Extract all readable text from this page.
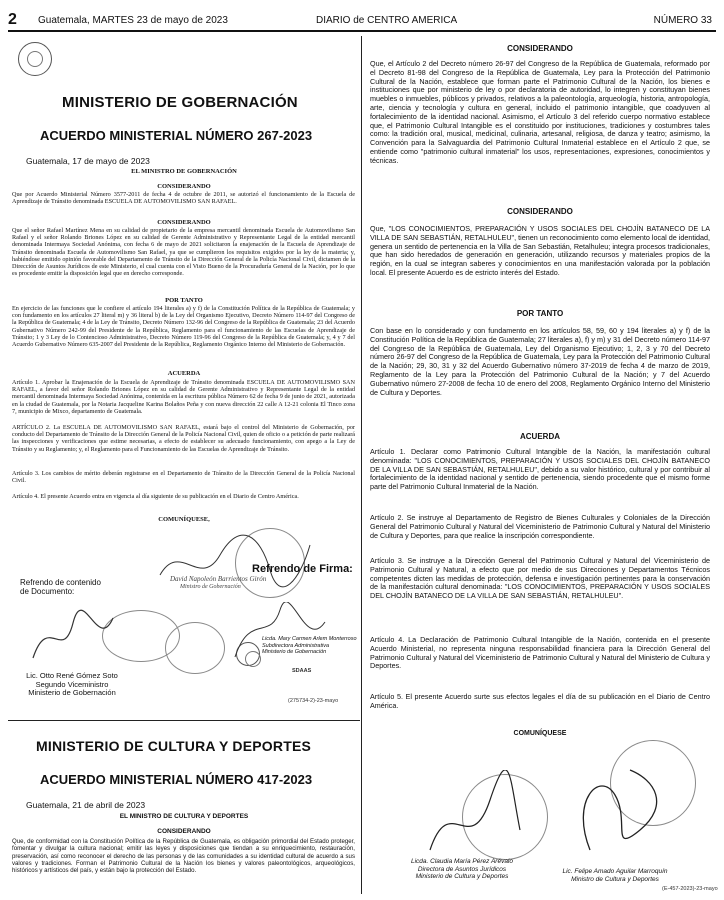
2 Guatemala, MARTES 23 de mayo de 2023	DIARIO de CENTRO AMERICA	NÚMERO 33
MINISTERIO DE GOBERNACIÓN
ACUERDO MINISTERIAL NÚMERO 267-2023
Guatemala, 17 de mayo de 2023
EL MINISTRO DE GOBERNACIÓN
CONSIDERANDO
Que por Acuerdo Ministerial Número 3577-2011 de fecha 4 de octubre de 2011, se autorizó el funcionamiento de la Escuela de Aprendizaje de Tránsito denominada ESCUELA DE AUTOMOVILISMO SAN RAFAEL.
CONSIDERANDO
Que el señor Rafael Martínez Mena en su calidad de propietario de la empresa mercantil denominada Escuela de Automovilismo San Rafael y el señor Rolando Briones López en su calidad de Gerente Administrativo y Representante Legal de la entidad mercantil denominada Intermaya Sociedad Anónima, con fecha 6 de mayo de 2021 solicitaron la enajenación de la Escuela de Aprendizaje de Tránsito denominada Escuela de Automovilismo San Rafael, ya que se cumplieron los requisitos exigidos por la ley de la materia; y, habiéndose emitido opinión favorable del Departamento de Tránsito de la Dirección General de la Policía Nacional Civil, dictamen de la Dirección de Asuntos Jurídicos de este Ministerio, el cual cuenta con el Visto Bueno de la Procuraduría General de la Nación, por lo que es procedente emitir la disposición legal que en derecho corresponde.
POR TANTO
En ejercicio de las funciones que le confiere el artículo 194 literales a) y f) de la Constitución Política de la República de Guatemala; y con fundamento en los artículos 27 literal m) y 36 literal b) de la Ley del Organismo Ejecutivo, Decreto Número 114-97 del Congreso de la República de Guatemala; 4 de la Ley de Tránsito, Decreto Número 132-96 del Congreso de la República de Guatemala; 23 del Acuerdo Gubernativo Número 242-99 del Presidente de la República, Reglamento para el funcionamiento de las Escuelas de Aprendizaje de Tránsito; 1 y 3 Ley de lo Contencioso Administrativo, Decreto Número 119-96 del Congreso de la República de Guatemala; y, 4 y 7 del Acuerdo Gubernativo Número 635-2007 del Presidente de la República, Reglamento Orgánico Interno del Ministerio de Gobernación.
ACUERDA
Artículo 1. Aprobar la Enajenación de la Escuela de Aprendizaje de Tránsito denominada ESCUELA DE AUTOMOVILISMO SAN RAFAEL, a favor del señor Rolando Briones López en su calidad de Gerente Administrativo y Representante Legal de la entidad mercantil denominada Intermaya Sociedad Anónima, contenida en la escritura pública Número 62 de fecha 9 de junio de 2021, autorizada en la ciudad de Guatemala, por la Notaria Jacqueline Karina Bolaños Peña y con nueva dirección 22 calle A 12-21 colonia El Tinco zona 7, municipio de Mixco, departamento de Guatemala.
ARTÍCULO 2. La ESCUELA DE AUTOMOVILISMO SAN RAFAEL, estará bajo el control del Ministerio de Gobernación, por conducto del Departamento de Tránsito de la Dirección General de la Policía Nacional Civil, quien de oficio o a petición de parte realizará las inspecciones y verificaciones que estime necesarias, a efecto de establecer su adecuado funcionamiento, con apego a la Ley de Tránsito y su Reglamento; y, el Reglamento para el Funcionamiento de las Escuelas de Aprendizaje de Tránsito.
Artículo 3. Los cambios de mérito deberán registrarse en el Departamento de Tránsito de la Dirección General de la Policía Nacional Civil.
Artículo 4. El presente Acuerdo entra en vigencia al día siguiente de su publicación en el Diario de Centro América.
COMUNÍQUESE,
David Napoleón Barrientos Girón
Ministro de Gobernación
Refrendo de contenido de Documento:
Refrendo de Firma:
Lic. Otto René Gómez Soto
Segundo Viceministro
Ministerio de Gobernación
Licda. Mary Carmen Arlem Monterroso
Subdirectora Administrativa
Ministerio de Gobernación
SDAAS
(275734-2)-23-mayo
MINISTERIO DE CULTURA Y DEPORTES
ACUERDO MINISTERIAL NÚMERO 417-2023
Guatemala, 21 de abril de 2023
EL MINISTRO DE CULTURA Y DEPORTES
CONSIDERANDO
Que, de conformidad con la Constitución Política de la República de Guatemala, es obligación primordial del Estado proteger, fomentar y divulgar la cultura nacional; emitir las leyes y disposiciones que tiendan a su enriquecimiento, restauración, preservación, así como reconocer el derecho de las personas y de las comunidades a su identidad cultural de acuerdo a sus valores y tradiciones. Forman el Patrimonio Cultural de la Nación los bienes y valores paleontológicos, arqueológicos, históricos y artísticos del país, y están bajo la protección del Estado.
CONSIDERANDO
Que, el Artículo 2 del Decreto número 26-97 del Congreso de la República de Guatemala, reformado por el Decreto 81-98 del Congreso de la República de Guatemala, Ley para la Protección del Patrimonio Cultural de la Nación, establece que forman parte el Patrimonio Cultural de la Nación, los bienes e instituciones que por ministerio de ley o por declaratoria de autoridad, lo integren y constituyan bienes muebles o inmuebles, públicos y privados, relativos a la paleontología, arqueología, historia, antropología, arte, ciencia y tecnología y cultura en general, incluido el patrimonio intangible, que coadyuven al fortalecimiento de la identidad nacional. Asimismo, el Artículo 3 del referido cuerpo normativo establece que, el Patrimonio Cultural Intangible es el constituido por instituciones, tradiciones y costumbres tales como: la tradición oral, musical, medicinal, culinaria, artesanal, religiosa, de danza y teatro; asimismo, la Convención para la Salvaguardia del Patrimonio Cultural Inmaterial establece en el Artículo 2 que, se entiende como "patrimonio cultural inmaterial" los usos, representaciones, expresiones, conocimientos y técnicas.
CONSIDERANDO
Que, "LOS CONOCIMIENTOS, PREPARACIÓN Y USOS SOCIALES DEL CHOJÍN BATANECO DE LA VILLA DE SAN SEBASTIÁN, RETALHULEU", tienen un reconocimiento como elemento local de identidad, genera un sentido de pertenencia en la Villa de San Sebastián, Retalhuleu; integra procesos tradicionales, que han sido heredados de generación en generación, utilizando recursos y materiales propios de la región, en la cual se integran saberes y conocimientos en una manifestación valorada por la población local. El presente Acuerdo es de estricto interés del Estado.
POR TANTO
Con base en lo considerado y con fundamento en los artículos 58, 59, 60 y 194 literales a) y f) de la Constitución Política de la República de Guatemala; 27 literales a), f) y m) y 31 del Decreto número 114-97 del Congreso de la República de Guatemala, Ley del Organismo Ejecutivo; 1, 2, 3 y 70 del Decreto número 26-97 del Congreso de la República de Guatemala, Ley para la Protección del Patrimonio Cultural de la Nación; 29, 30, 31 y 32 del Acuerdo Gubernativo número 37-2019 de fecha 4 de marzo de 2019, Reglamento de la Ley para la Protección del Patrimonio Cultural de la Nación; y 7 del Acuerdo Gubernativo número 27-2008 de fecha 10 de enero del 2008, Reglamento Orgánico Interno del Ministerio de Cultura y Deportes.
ACUERDA
Artículo 1. Declarar como Patrimonio Cultural Intangible de la Nación, la manifestación cultural denominada: "LOS CONOCIMIENTOS, PREPARACIÓN Y USOS SOCIALES DEL CHOJÍN BATANECO DE LA VILLA DE SAN SEBASTIÁN, RETALHULEU", debido a su valor histórico, cultural y por contribuir al fortalecimiento de la identidad nacional y sentido de pertenencia, siendo procedente que el mismo forme parte del Patrimonio Cultural Inmaterial de la Nación.
Artículo 2. Se instruye al Departamento de Registro de Bienes Culturales y Coloniales de la Dirección General del Patrimonio Cultural y Natural del Viceministerio de Patrimonio Cultural y Natural del Ministerio de Cultura y Deportes, para que realice la inscripción correspondiente.
Artículo 3. Se instruye a la Dirección General del Patrimonio Cultural y Natural del Viceministerio de Patrimonio Cultural y Natural, a efecto que por medio de sus Direcciones y Departamentos Técnicos competentes dicten las medidas de protección, defensa e investigación pertinentes para la conservación de la manifestación cultural denominada: "LOS CONOCIMIENTOS, PREPARACIÓN Y USOS SOCIALES DEL CHOJÍN BATANECO DE LA VILLA DE SAN SEBASTIÁN, RETALHULEU".
Artículo 4. La Declaración de Patrimonio Cultural Intangible de la Nación, contenida en el presente Acuerdo Ministerial, no representa ninguna responsabilidad financiera para la Dirección General del Patrimonio Cultural y Natural del Viceministerio de Patrimonio Cultural y Natural del Ministerio de Cultura y Deportes.
Artículo 5. El presente Acuerdo surte sus efectos legales el día de su publicación en el Diario de Centro América.
COMUNÍQUESE
Licda. Claudia María Pérez Arévalo
Directora de Asuntos Jurídicos
Ministerio de Cultura y Deportes
Lic. Felipe Amado Aguilar Marroquín
Ministro de Cultura y Deportes
(E-457-2023)-23-mayo
